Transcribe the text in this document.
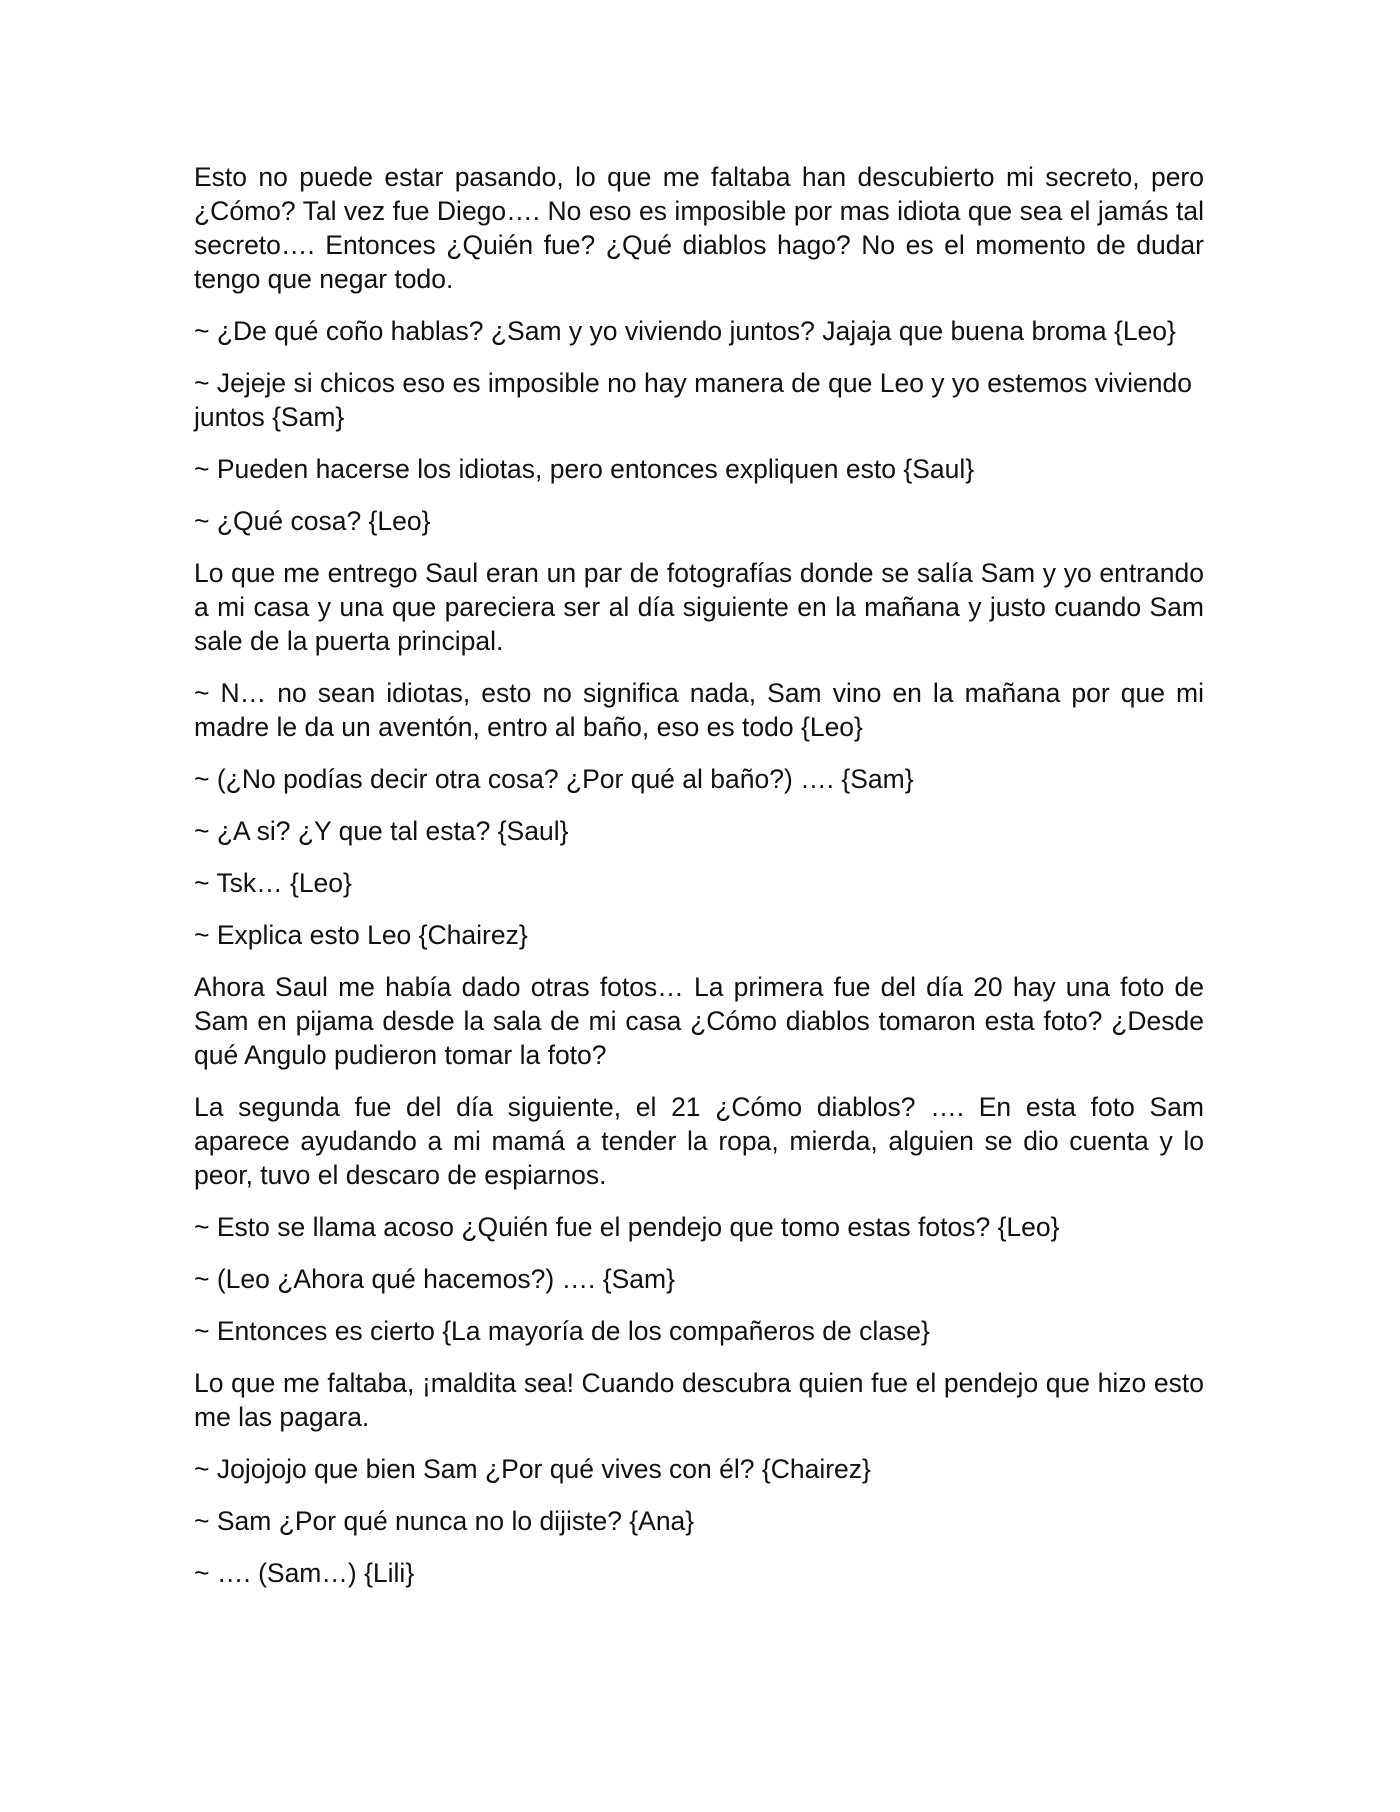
Esto no puede estar pasando, lo que me faltaba han descubierto mi secreto, pero ¿Cómo? Tal vez fue Diego…. No eso es imposible por mas idiota que sea el jamás tal secreto…. Entonces ¿Quién fue? ¿Qué diablos hago? No es el momento de dudar tengo que negar todo.

~ ¿De qué coño hablas? ¿Sam y yo viviendo juntos? Jajaja que buena broma {Leo}

~ Jejeje si chicos eso es imposible no hay manera de que Leo y yo estemos viviendo juntos {Sam}

~ Pueden hacerse los idiotas, pero entonces expliquen esto {Saul}

~ ¿Qué cosa? {Leo}

Lo que me entrego Saul eran un par de fotografías donde se salía Sam y yo entrando a mi casa y una que pareciera ser al día siguiente en la mañana y justo cuando Sam sale de la puerta principal.

~ N… no sean idiotas, esto no significa nada, Sam vino en la mañana por que mi madre le da un aventón, entro al baño, eso es todo {Leo}

~ (¿No podías decir otra cosa? ¿Por qué al baño?) …. {Sam}

~ ¿A si? ¿Y que tal esta? {Saul}

~ Tsk… {Leo}

~ Explica esto Leo {Chairez}

Ahora Saul me había dado otras fotos… La primera fue del día 20 hay una foto de Sam en pijama desde la sala de mi casa ¿Cómo diablos tomaron esta foto? ¿Desde qué Angulo pudieron tomar la foto?

La segunda fue del día siguiente, el 21 ¿Cómo diablos? …. En esta foto Sam aparece ayudando a mi mamá a tender la ropa, mierda, alguien se dio cuenta y lo peor, tuvo el descaro de espiarnos.

~ Esto se llama acoso ¿Quién fue el pendejo que tomo estas fotos? {Leo}

~ (Leo ¿Ahora qué hacemos?) …. {Sam}

~ Entonces es cierto {La mayoría de los compañeros de clase}

Lo que me faltaba, ¡maldita sea! Cuando descubra quien fue el pendejo que hizo esto me las pagara.

~ Jojojojo que bien Sam ¿Por qué vives con él? {Chairez}

~ Sam ¿Por qué nunca no lo dijiste? {Ana}

~ …. (Sam…) {Lili}
